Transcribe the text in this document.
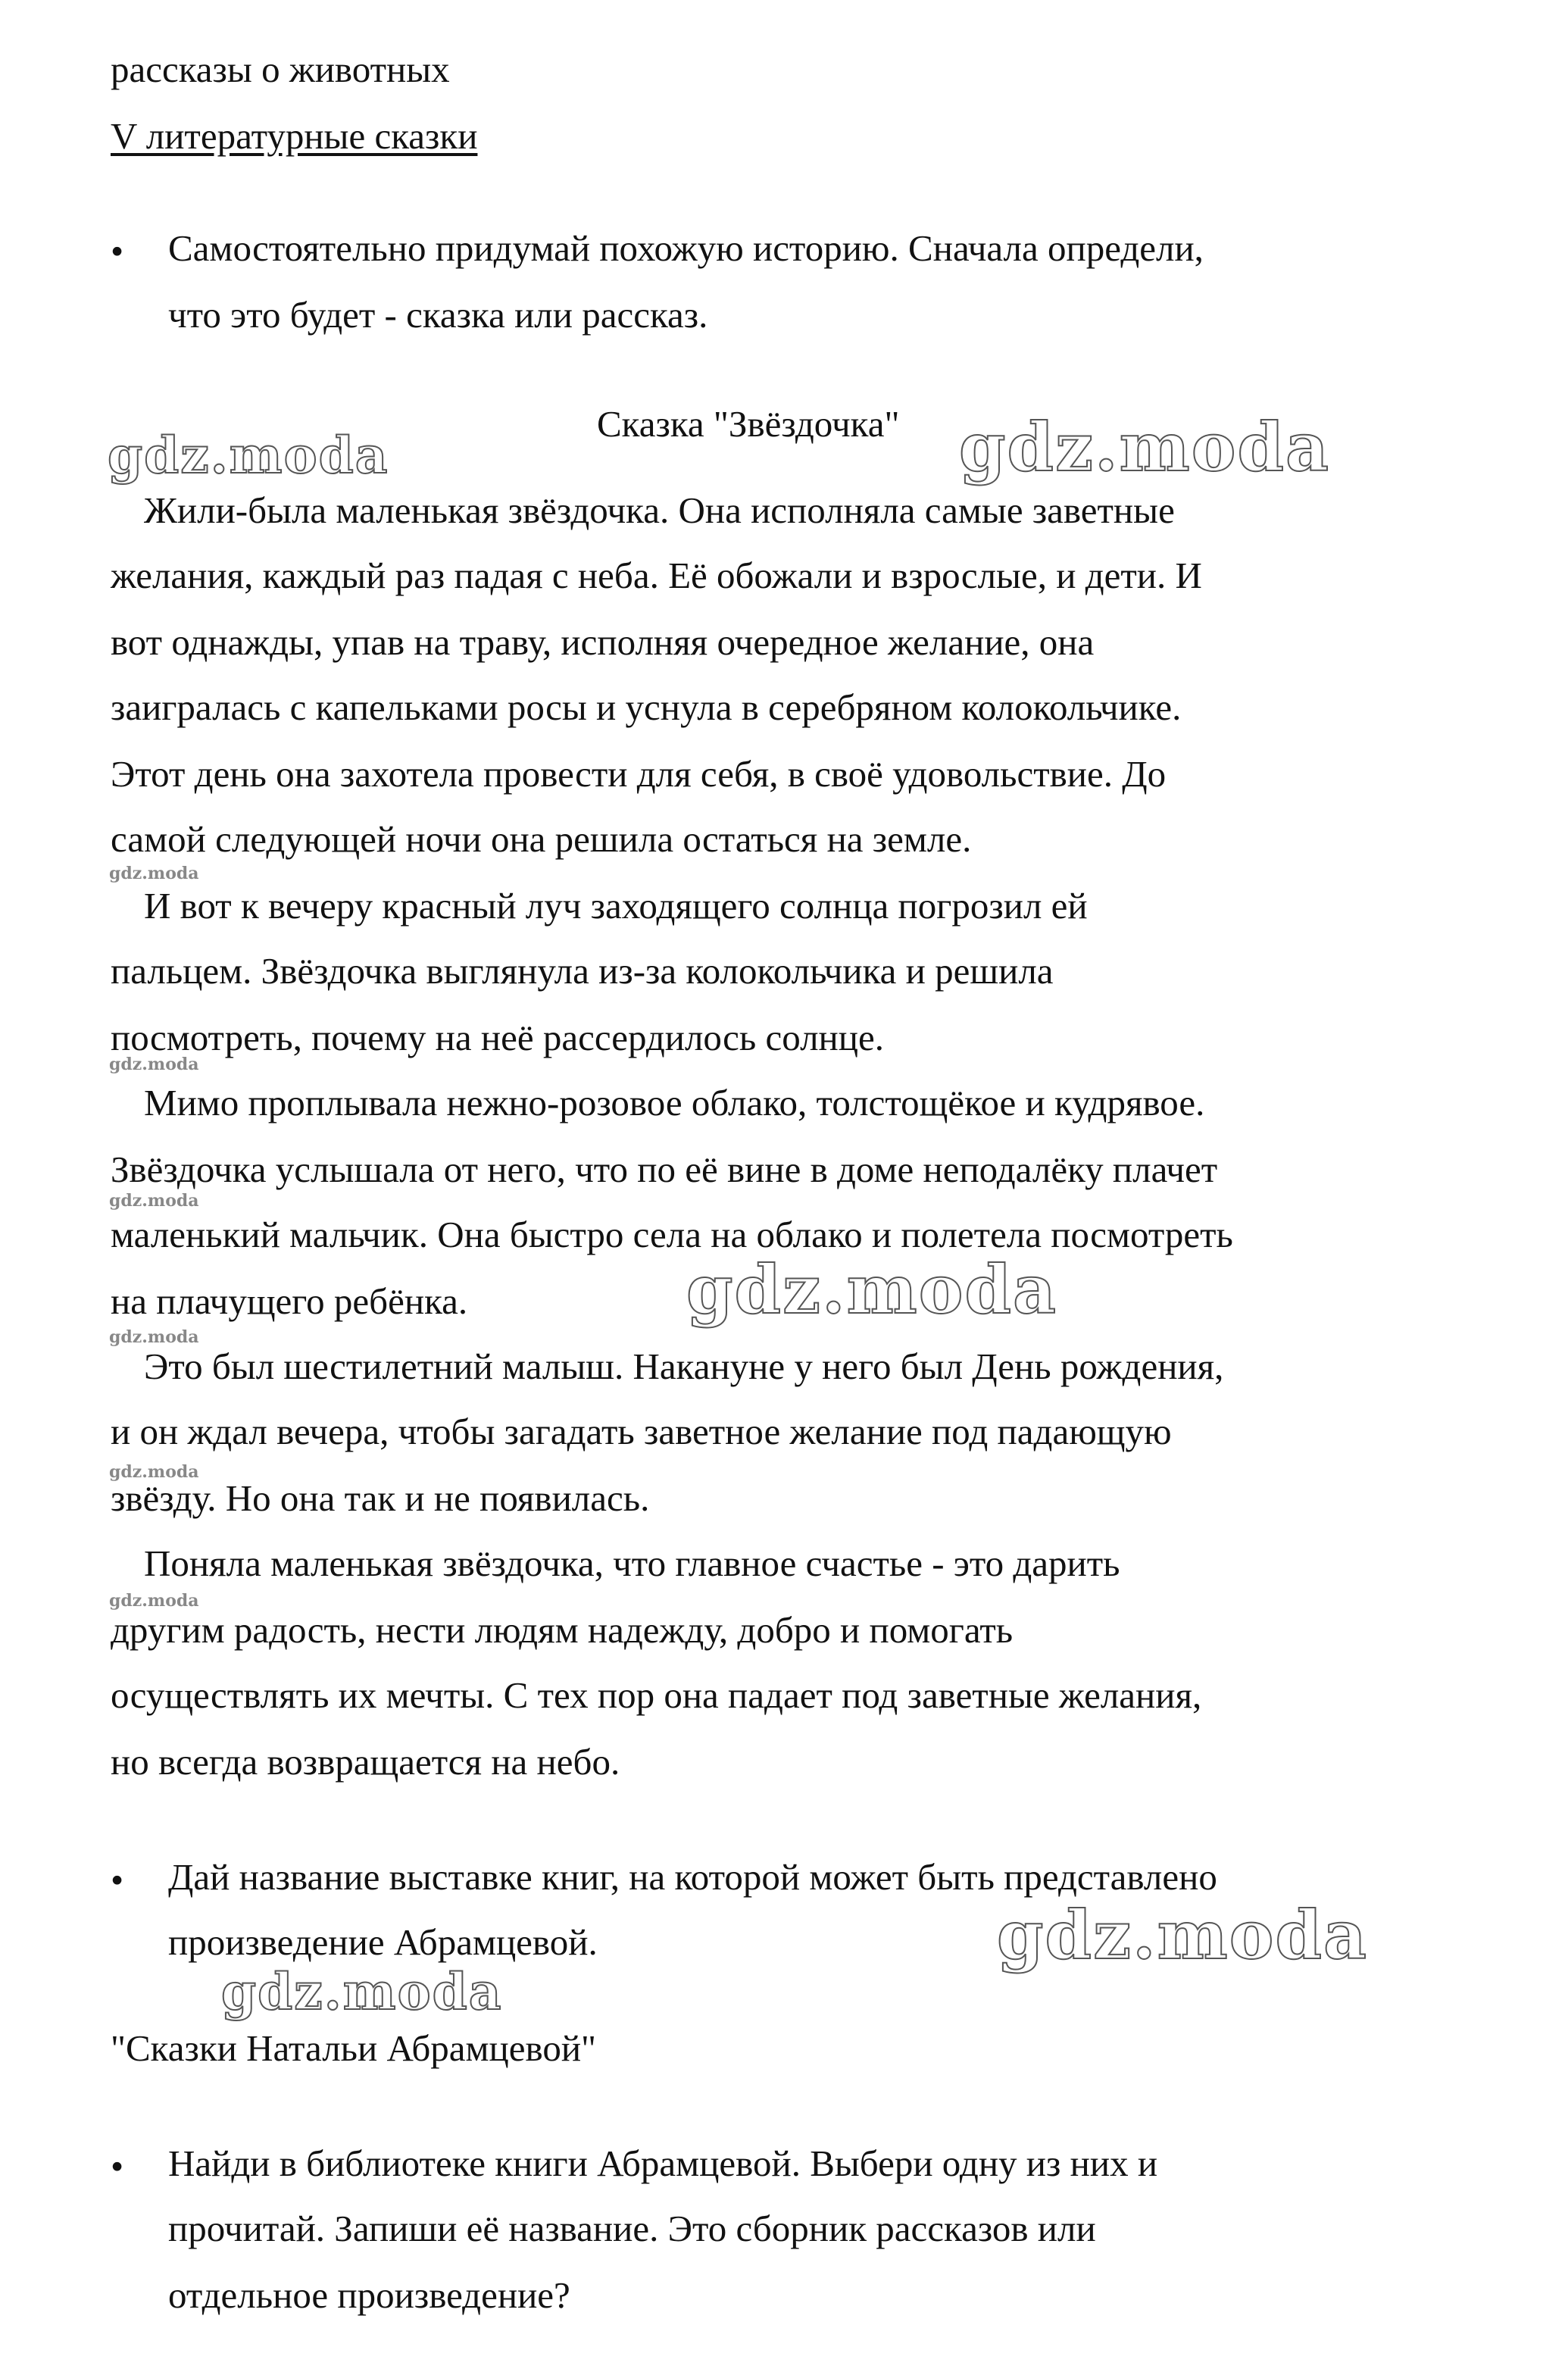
рассказы о животных
V литературные сказки
• Самостоятельно придумай похожую историю. Сначала определи,
что это будет - сказка или рассказ.
Сказка "Звёздочка"
Жили-была маленькая звёздочка. Она исполняла самые заветные
желания, каждый раз падая с неба. Её обожали и взрослые, и дети. И
вот однажды, упав на траву, исполняя очередное желание, она
заигралась с капельками росы и уснула в серебряном колокольчике.
Этот день она захотела провести для себя, в своё удовольствие. До
самой следующей ночи она решила остаться на земле.
И вот к вечеру красный луч заходящего солнца погрозил ей
пальцем. Звёздочка выглянула из-за колокольчика и решила
посмотреть, почему на неё рассердилось солнце.
Мимо проплывала нежно-розовое облако, толстощёкое и кудрявое.
Звёздочка услышала от него, что по её вине в доме неподалёку плачет
маленький мальчик. Она быстро села на облако и полетела посмотреть
на плачущего ребёнка.
Это был шестилетний малыш. Накануне у него был День рождения,
и он ждал вечера, чтобы загадать заветное желание под падающую
звёзду. Но она так и не появилась.
Поняла маленькая звёздочка, что главное счастье - это дарить
другим радость, нести людям надежду, добро и помогать
осуществлять их мечты. С тех пор она падает под заветные желания,
но всегда возвращается на небо.
• Дай название выставке книг, на которой может быть представлено
произведение Абрамцевой.
"Сказки Натальи Абрамцевой"
• Найди в библиотеке книги Абрамцевой. Выбери одну из них и
прочитай. Запиши её название. Это сборник рассказов или
отдельное произведение?
gdz.moda	gdz.moda
gdz.moda
gdz.moda
gdz.moda
gdz.moda
gdz.moda
gdz.moda
gdz.moda
gdz.moda
gdz.moda
